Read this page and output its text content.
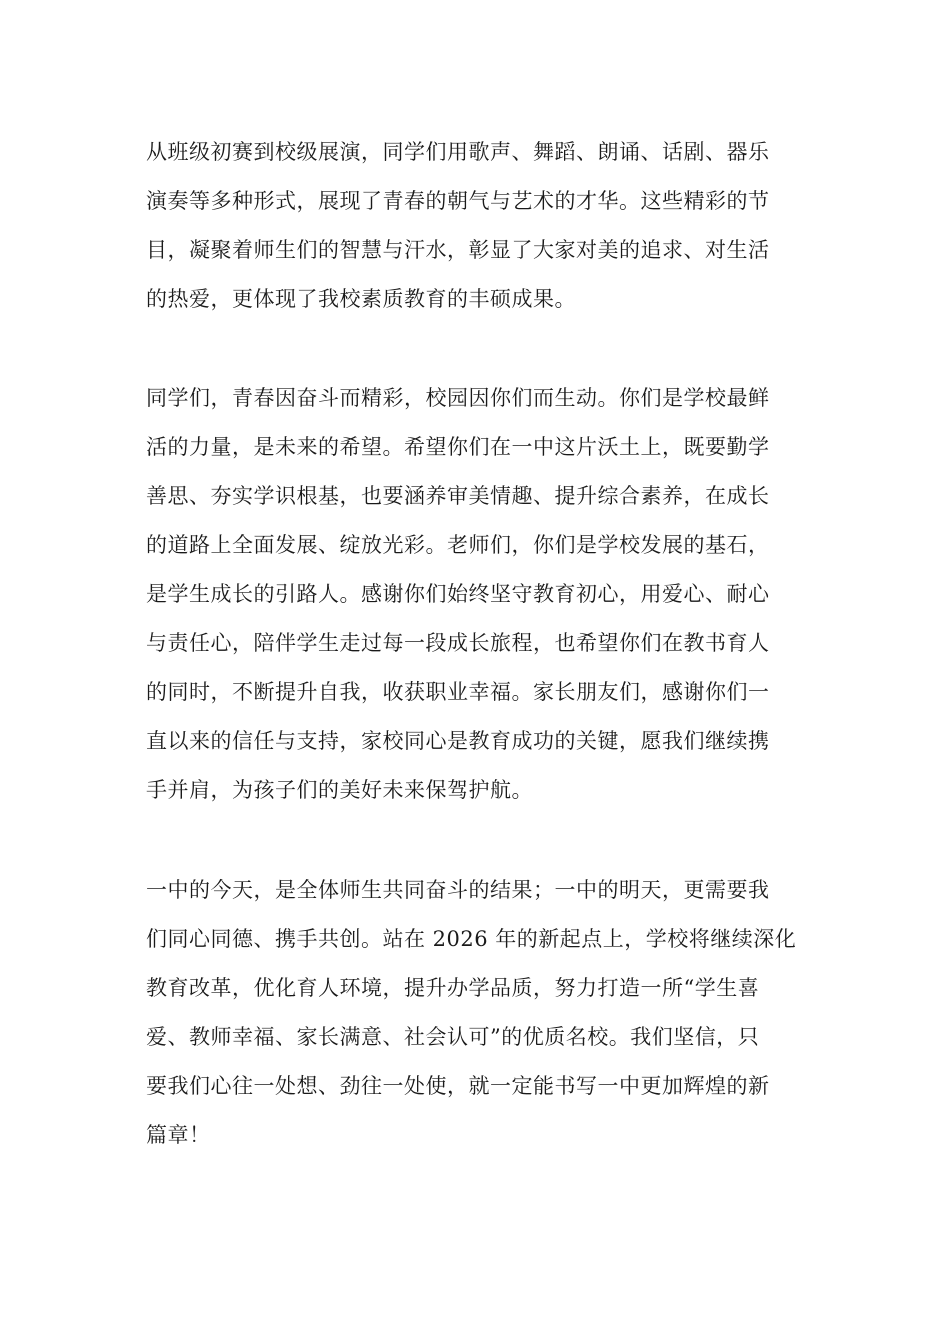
从班级初赛到校级展演，同学们用歌声、舞蹈、朗诵、话剧、器乐
演奏等多种形式，展现了青春的朝气与艺术的才华。这些精彩的节
目，凝聚着师生们的智慧与汗水，彰显了大家对美的追求、对生活
的热爱，更体现了我校素质教育的丰硕成果。
同学们，青春因奋斗而精彩，校园因你们而生动。你们是学校最鲜
活的力量，是未来的希望。希望你们在一中这片沃土上，既要勤学
善思、夯实学识根基，也要涵养审美情趣、提升综合素养，在成长
的道路上全面发展、绽放光彩。老师们，你们是学校发展的基石，
是学生成长的引路人。感谢你们始终坚守教育初心，用爱心、耐心
与责任心，陪伴学生走过每一段成长旅程，也希望你们在教书育人
的同时，不断提升自我，收获职业幸福。家长朋友们，感谢你们一
直以来的信任与支持，家校同心是教育成功的关键，愿我们继续携
手并肩，为孩子们的美好未来保驾护航。
一中的今天，是全体师生共同奋斗的结果；一中的明天，更需要我
们同心同德、携手共创。站在 2026 年的新起点上，学校将继续深化
教育改革，优化育人环境，提升办学品质，努力打造一所“学生喜
爱、教师幸福、家长满意、社会认可”的优质名校。我们坚信，只
要我们心往一处想、劲往一处使，就一定能书写一中更加辉煌的新
篇章！
